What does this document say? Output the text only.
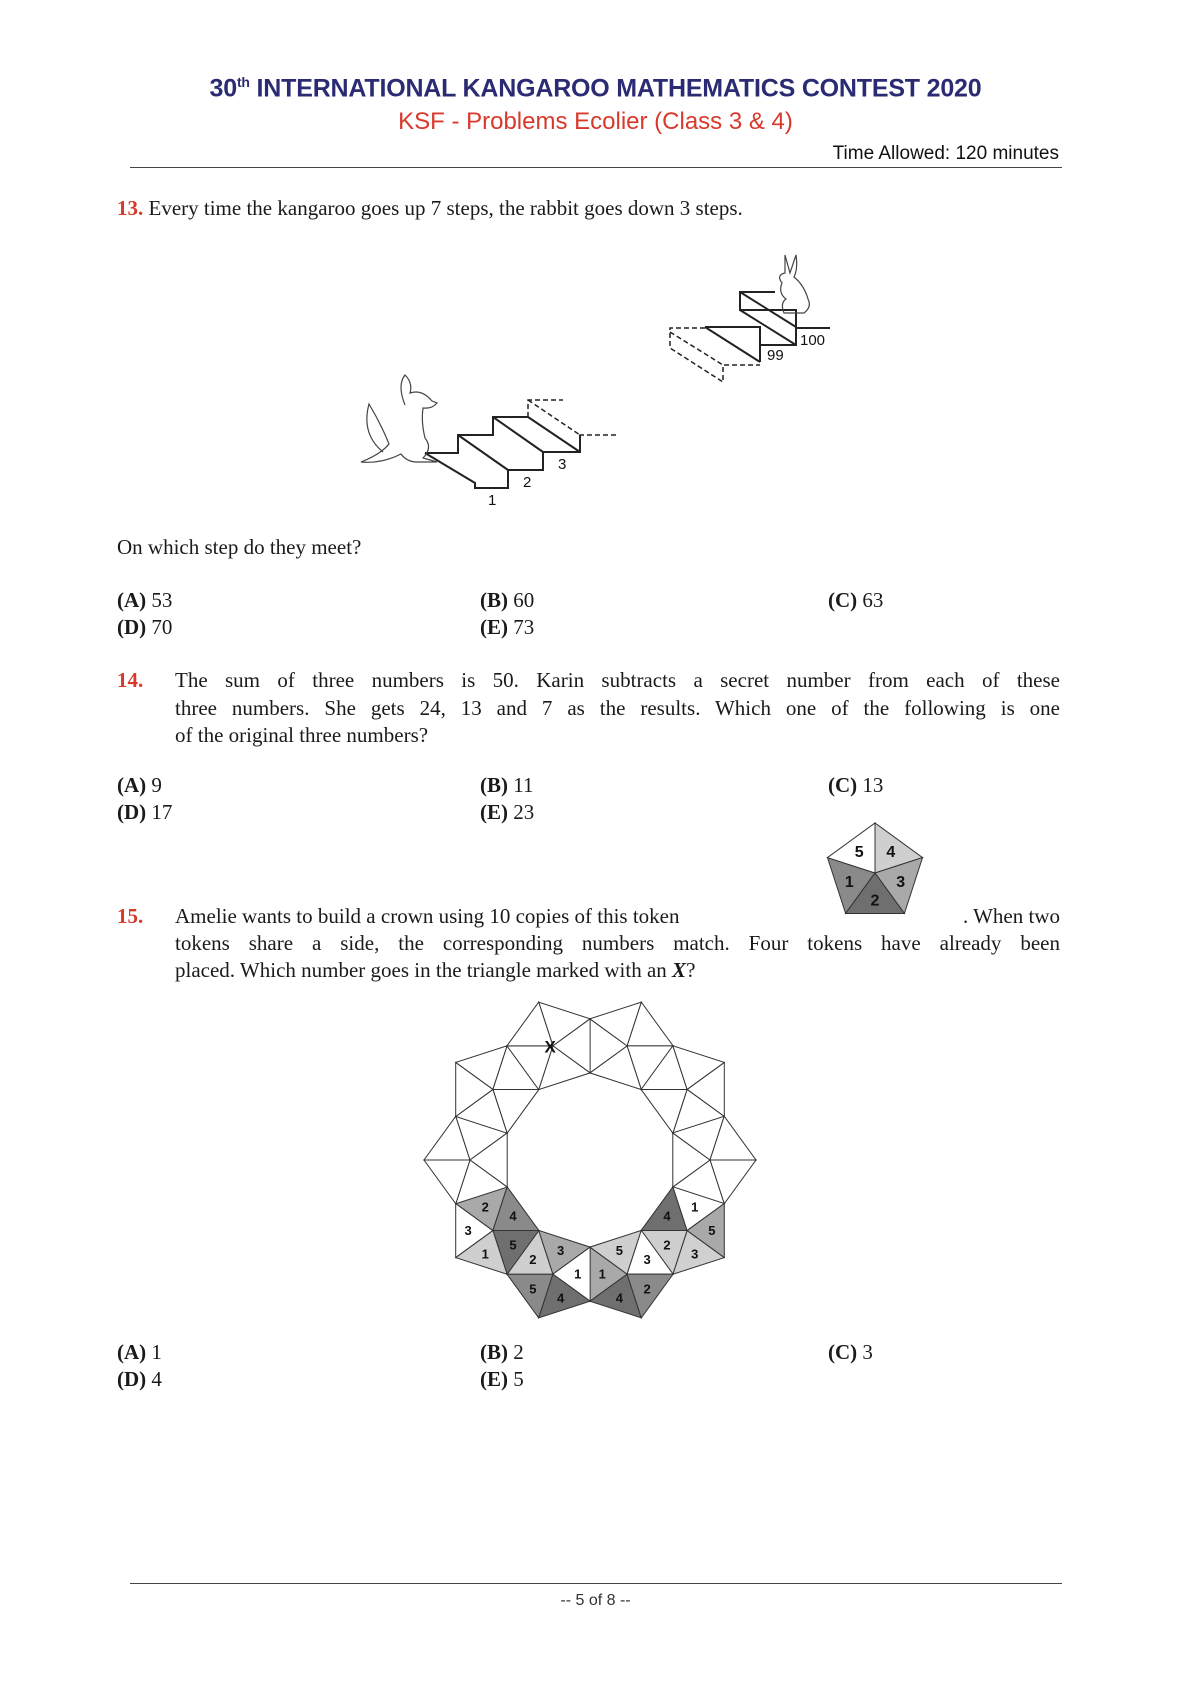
30th INTERNATIONAL KANGAROO MATHEMATICS CONTEST 2020
KSF - Problems Ecolier (Class 3 & 4)
Time Allowed: 120 minutes
13. Every time the kangaroo goes up 7 steps, the rabbit goes down 3 steps.
1
2
3
99
100
On which step do they meet?
(A) 53	(B) 60	(C) 63
(D) 70	(E) 73
14. The sum of three numbers is 50. Karin subtracts a secret number from each of these
three numbers. She gets 24, 13 and 7 as the results. Which one of the following is one
of the original three numbers?
(A) 9	(B) 11	(C) 13
(D) 17	(E) 23
15. Amelie wants to build a crown using 10 copies of this token	. When two
tokens share a side, the corresponding numbers match. Four tokens have already been
placed. Which number goes in the triangle marked with an X?
1
5 4
3
2
3
2
4
1
5
4
1
5
3
2
5
2
3
1
4
3
2
4
5
1
X
(A) 1	(B) 2	(C) 3
(D) 4	(E) 5
-- 5 of 8 --
